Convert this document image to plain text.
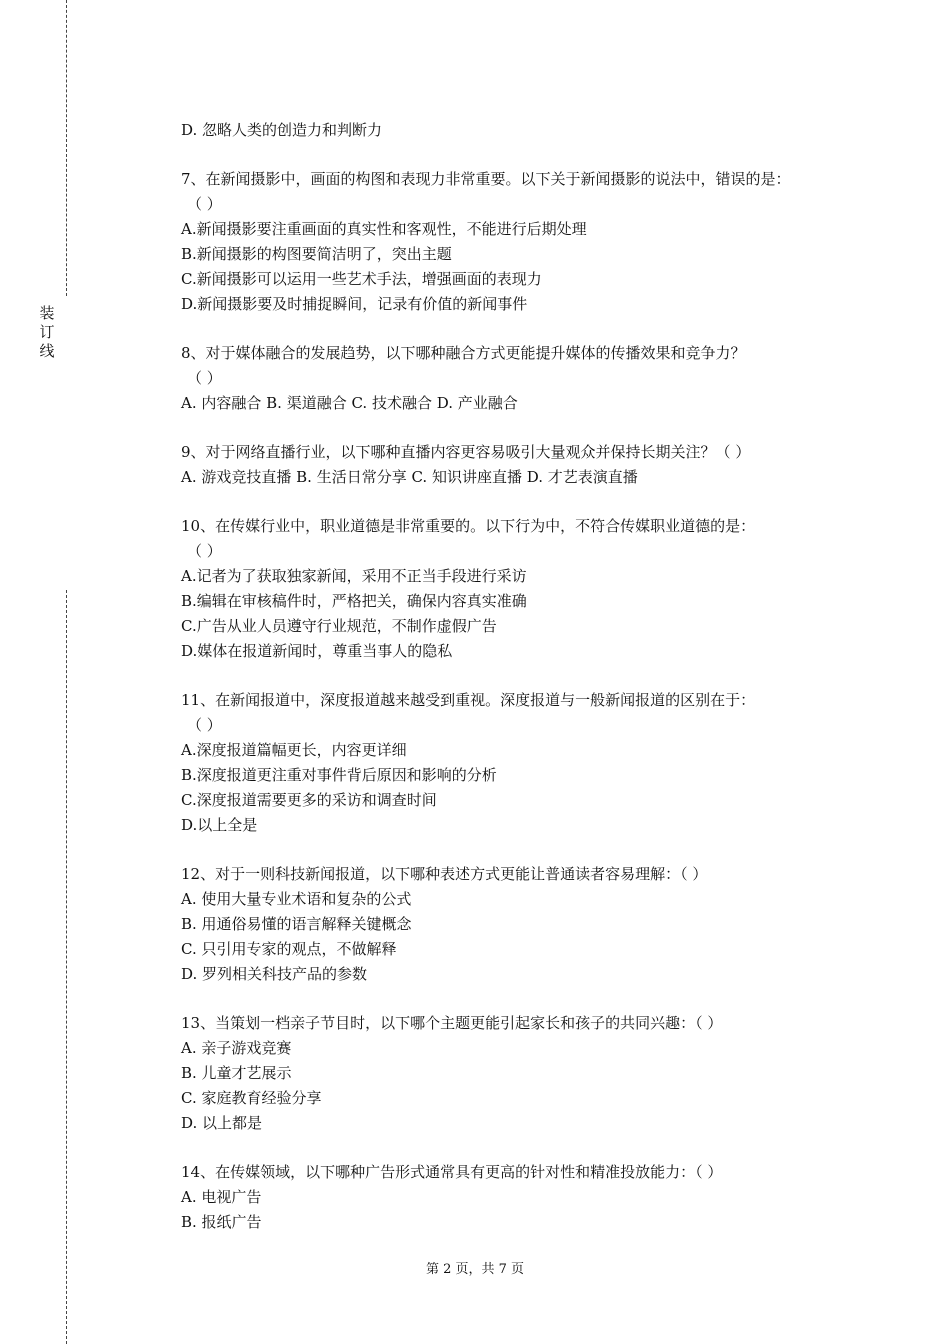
装
订
线
D. 忽略人类的创造力和判断力
7、在新闻摄影中，画面的构图和表现力非常重要。以下关于新闻摄影的说法中，错误的是：
（ ）
A.新闻摄影要注重画面的真实性和客观性，不能进行后期处理
B.新闻摄影的构图要简洁明了，突出主题
C.新闻摄影可以运用一些艺术手法，增强画面的表现力
D.新闻摄影要及时捕捉瞬间，记录有价值的新闻事件
8、对于媒体融合的发展趋势，以下哪种融合方式更能提升媒体的传播效果和竞争力？
（ ）
A. 内容融合 B. 渠道融合 C. 技术融合 D. 产业融合
9、对于网络直播行业，以下哪种直播内容更容易吸引大量观众并保持长期关注？（ ）
A. 游戏竞技直播 B. 生活日常分享 C. 知识讲座直播 D. 才艺表演直播
10、在传媒行业中，职业道德是非常重要的。以下行为中，不符合传媒职业道德的是：
（ ）
A.记者为了获取独家新闻，采用不正当手段进行采访
B.编辑在审核稿件时，严格把关，确保内容真实准确
C.广告从业人员遵守行业规范，不制作虚假广告
D.媒体在报道新闻时，尊重当事人的隐私
11、在新闻报道中，深度报道越来越受到重视。深度报道与一般新闻报道的区别在于：
（ ）
A.深度报道篇幅更长，内容更详细
B.深度报道更注重对事件背后原因和影响的分析
C.深度报道需要更多的采访和调查时间
D.以上全是
12、对于一则科技新闻报道，以下哪种表述方式更能让普通读者容易理解：（ ）
A. 使用大量专业术语和复杂的公式
B. 用通俗易懂的语言解释关键概念
C. 只引用专家的观点，不做解释
D. 罗列相关科技产品的参数
13、当策划一档亲子节目时，以下哪个主题更能引起家长和孩子的共同兴趣：（ ）
A. 亲子游戏竞赛
B. 儿童才艺展示
C. 家庭教育经验分享
D. 以上都是
14、在传媒领域，以下哪种广告形式通常具有更高的针对性和精准投放能力：（ ）
A. 电视广告
B. 报纸广告
第 2 页，共 7 页
